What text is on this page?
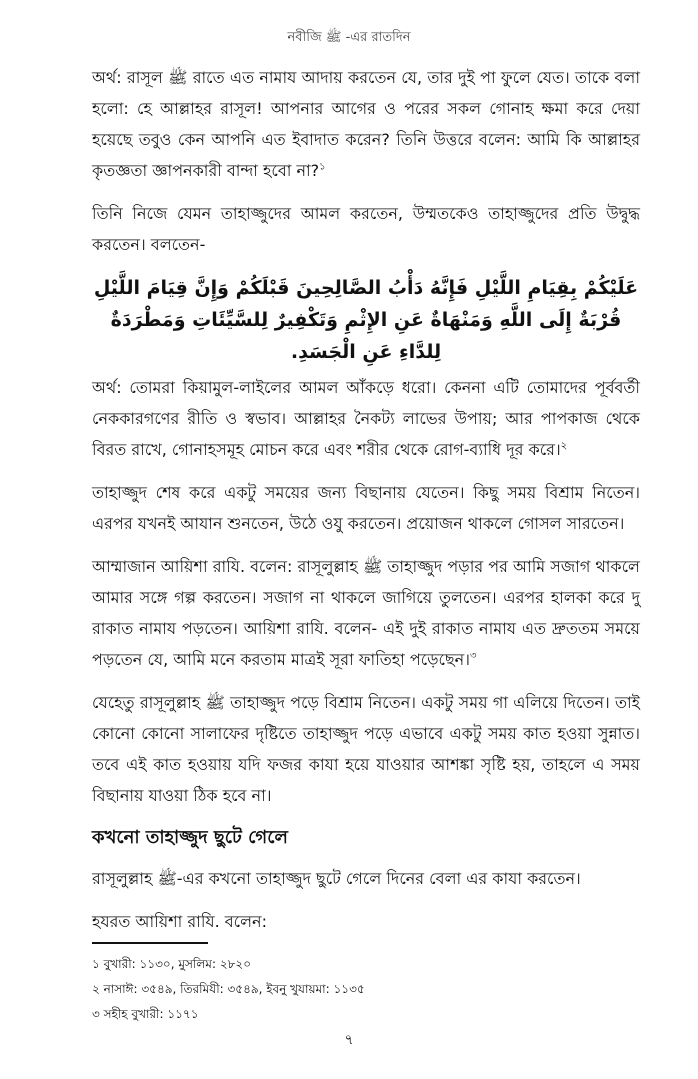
নবীজি ﷺ -এর রাতদিন

অর্থ: রাসূল ﷺ রাতে এত নামায আদায় করতেন যে, তার দুই পা ফুলে যেত। তাকে বলা হলো: হে আল্লাহর রাসূল! আপনার আগের ও পরের সকল গোনাহ ক্ষমা করে দেয়া হয়েছে তবুও কেন আপনি এত ইবাদাত করেন? তিনি উত্তরে বলেন: আমি কি আল্লাহর কৃতজ্ঞতা জ্ঞাপনকারী বান্দা হবো না?$^১$

তিনি নিজে যেমন তাহাজ্জুদের আমল করতেন, উম্মতকেও তাহাজ্জুদের প্রতি উদ্বুদ্ধ করতেন। বলতেন-

عَلَيْكُمْ بِقِيَامِ اللَّيْلِ فَإِنَّهُ دَأْبُ الصَّالِحِينَ قَبْلَكُمْ وَإِنَّ قِيَامَ اللَّيْلِ قُرْبَةٌ إِلَى اللَّهِ وَمَنْهَاةٌ عَنِ الإِثْمِ وَتَكْفِيرٌ لِلسَّيِّئَاتِ وَمَطْرَدَةٌ لِلدَّاءِ عَنِ الْجَسَدِ.

অর্থ: তোমরা কিয়ামুল-লাইলের আমল আঁকড়ে ধরো। কেননা এটি তোমাদের পূর্ববর্তী নেককারগণের রীতি ও স্বভাব। আল্লাহর নৈকট্য লাভের উপায়; আর পাপকাজ থেকে বিরত রাখে, গোনাহসমূহ মোচন করে এবং শরীর থেকে রোগ-ব্যাধি দূর করে।$^২$

তাহাজ্জুদ শেষ করে একটু সময়ের জন্য বিছানায় যেতেন। কিছু সময় বিশ্রাম নিতেন। এরপর যখনই আযান শুনতেন, উঠে ওযু করতেন। প্রয়োজন থাকলে গোসল সারতেন।

আম্মাজান আয়িশা রাযি. বলেন: রাসূলুল্লাহ ﷺ তাহাজ্জুদ পড়ার পর আমি সজাগ থাকলে আমার সঙ্গে গল্প করতেন। সজাগ না থাকলে জাগিয়ে তুলতেন। এরপর হালকা করে দু রাকাত নামায পড়তেন। আয়িশা রাযি. বলেন- এই দুই রাকাত নামায এত দ্রুততম সময়ে পড়তেন যে, আমি মনে করতাম মাত্রই সূরা ফাতিহা পড়েছেন।$^৩$

যেহেতু রাসূলুল্লাহ ﷺ তাহাজ্জুদ পড়ে বিশ্রাম নিতেন। একটু সময় গা এলিয়ে দিতেন। তাই কোনো কোনো সালাফের দৃষ্টিতে তাহাজ্জুদ পড়ে এভাবে একটু সময় কাত হওয়া সুন্নাত। তবে এই কাত হওয়ায় যদি ফজর কাযা হয়ে যাওয়ার আশঙ্কা সৃষ্টি হয়, তাহলে এ সময় বিছানায় যাওয়া ঠিক হবে না।

কখনো তাহাজ্জুদ ছুটে গেলে

রাসূলুল্লাহ ﷺ-এর কখনো তাহাজ্জুদ ছুটে গেলে দিনের বেলা এর কাযা করতেন।

হযরত আয়িশা রাযি. বলেন:

১ বুখারী: ১১৩০, মুসলিম: ২৮২০

২ নাসাঈ: ৩৫৪৯, তিরমিযী: ৩৫৪৯, ইবনু খুযায়মা: ১১৩৫

৩ সহীহ বুখারী: ১১৭১

৭
